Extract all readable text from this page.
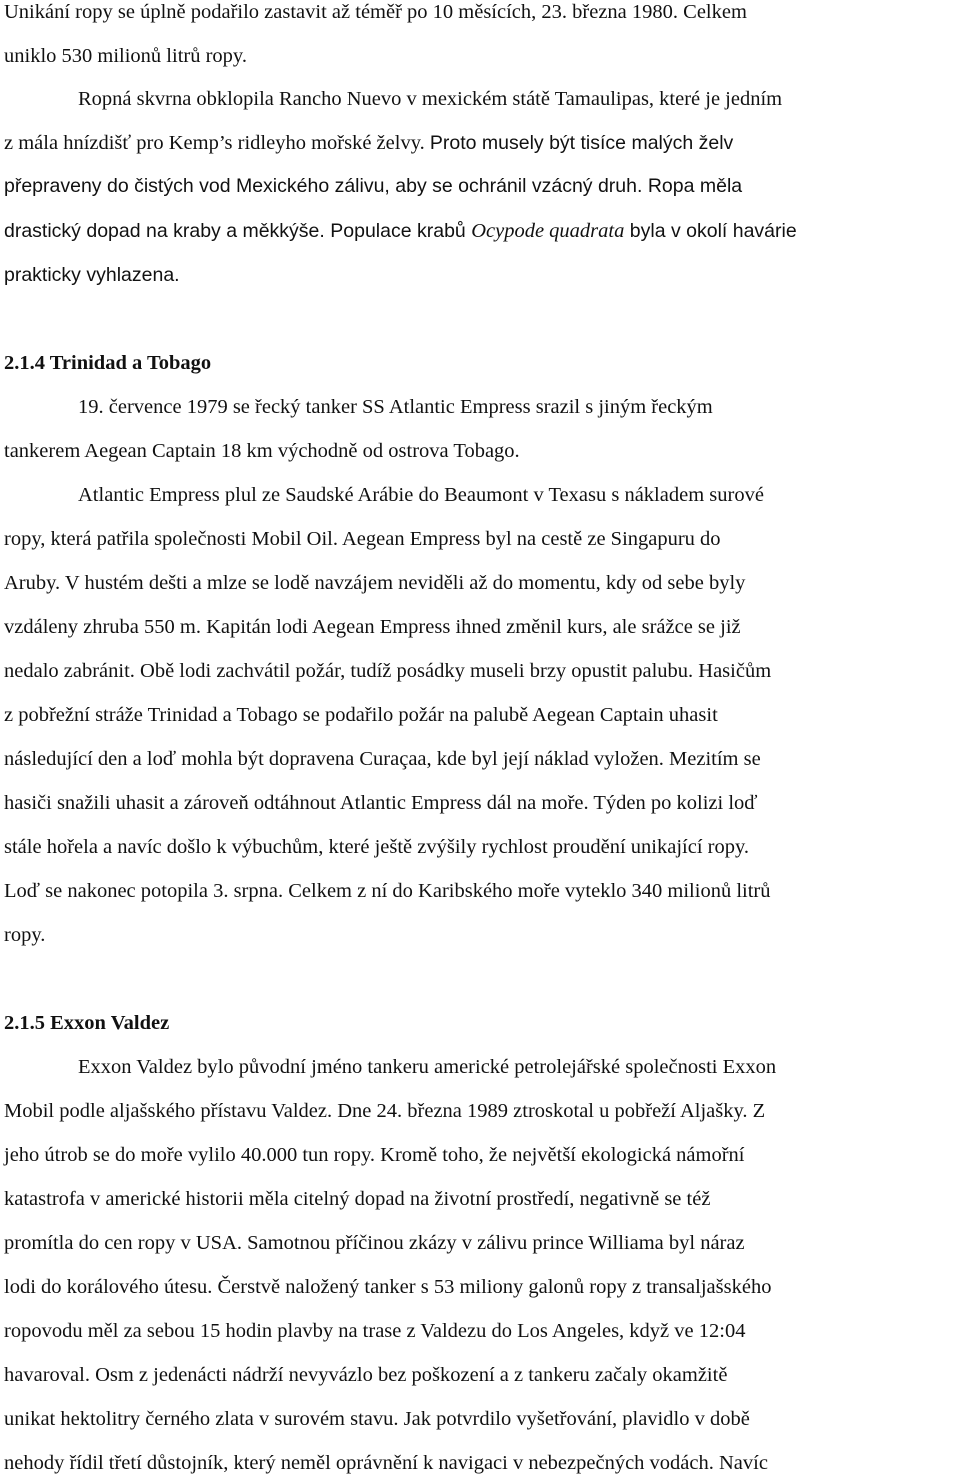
Unikání ropy se úplně podařilo zastavit až téměř po 10 měsících, 23. března 1980. Celkem
uniklo 530 milionů litrů ropy.
Ropná skvrna obklopila Rancho Nuevo v mexickém státě Tamaulipas, které je jedním
z mála hnízdišť pro Kemp’s ridleyho mořské želvy. Proto musely být tisíce malých želv
přepraveny do čistých vod Mexického zálivu, aby se ochránil vzácný druh. Ropa měla
drastický dopad na kraby a měkkýše. Populace krabů Ocypode quadrata byla v okolí havárie
prakticky vyhlazena.
2.1.4 Trinidad a Tobago
19. července 1979 se řecký tanker SS Atlantic Empress srazil s jiným řeckým
tankerem Aegean Captain 18 km východně od ostrova Tobago.
Atlantic Empress plul ze Saudské Arábie do Beaumont v Texasu s nákladem surové
ropy, která patřila společnosti Mobil Oil. Aegean Empress byl na cestě ze Singapuru do
Aruby. V hustém dešti a mlze se lodě navzájem neviděli až do momentu, kdy od sebe byly
vzdáleny zhruba 550 m. Kapitán lodi Aegean Empress ihned změnil kurs, ale srážce se již
nedalo zabránit. Obě lodi zachvátil požár, tudíž posádky museli brzy opustit palubu. Hasičům
z pobřežní stráže Trinidad a Tobago se podařilo požár na palubě Aegean Captain uhasit
následující den a loď mohla být dopravena Curaçaa, kde byl její náklad vyložen. Mezitím se
hasiči snažili uhasit a zároveň odtáhnout Atlantic Empress dál na moře. Týden po kolizi loď
stále hořela a navíc došlo k výbuchům, které ještě zvýšily rychlost proudění unikající ropy.
Loď se nakonec potopila 3. srpna. Celkem z ní do Karibského moře vyteklo 340 milionů litrů
ropy.
2.1.5 Exxon Valdez
Exxon Valdez bylo původní jméno tankeru americké petrolejářské společnosti Exxon
Mobil podle aljašského přístavu Valdez. Dne 24. března 1989 ztroskotal u pobřeží Aljašky. Z
jeho útrob se do moře vylilo 40.000 tun ropy. Kromě toho, že největší ekologická námořní
katastrofa v americké historii měla citelný dopad na životní prostředí, negativně se též
promítla do cen ropy v USA. Samotnou příčinou zkázy v zálivu prince Williama byl náraz
lodi do korálového útesu. Čerstvě naložený tanker s 53 miliony galonů ropy z transaljašského
ropovodu měl za sebou 15 hodin plavby na trase z Valdezu do Los Angeles, když ve 12:04
havaroval. Osm z jedenácti nádrží nevyvázlo bez poškození a z tankeru začaly okamžitě
unikat hektolitry černého zlata v surovém stavu. Jak potvrdilo vyšetřování, plavidlo v době
nehody řídil třetí důstojník, který neměl oprávnění k navigaci v nebezpečných vodách. Navíc
